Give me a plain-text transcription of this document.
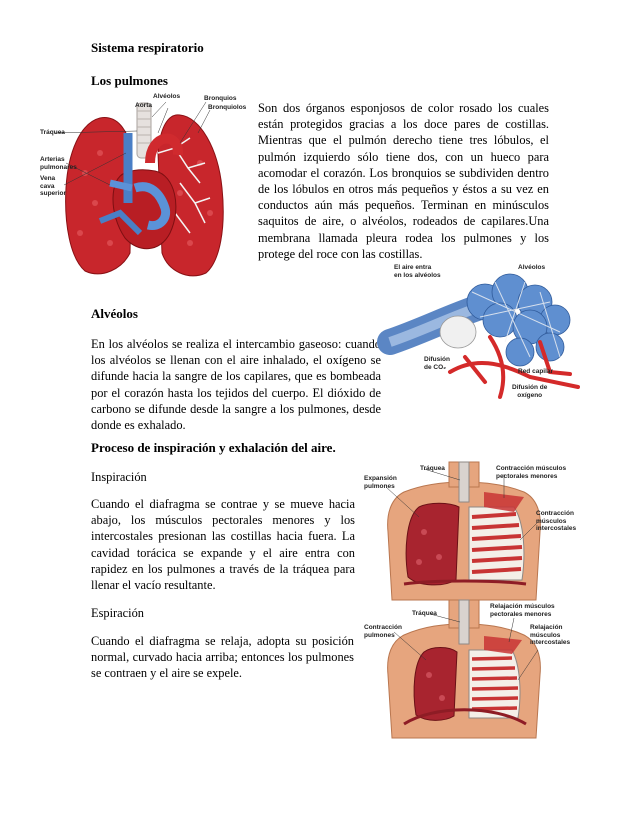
Sistema respiratorio
Los pulmones
Son dos órganos esponjosos de color rosado los cuales están protegidos gracias a los doce pares de costillas. Mientras que el pulmón derecho tiene tres lóbulos, el pulmón izquierdo sólo tiene dos, con un hueco para acomodar el corazón. Los bronquios se subdividen dentro de los lóbulos en otros más pequeños y éstos a su vez en conductos aún más pequeños. Terminan en minúsculos saquitos de aire, o alvéolos, rodeados de capilares.Una membrana llamada pleura rodea los pulmones y los protege del roce con las costillas.
Alvéolos
En los alvéolos se realiza el intercambio gaseoso: cuando los alvéolos se llenan con el aire inhalado, el oxígeno se difunde hacia la sangre de los capilares, que es bombeada por el corazón hasta los tejidos del cuerpo. El dióxido de carbono se difunde desde la sangre a los pulmones, desde donde es exhalado.
Proceso de inspiración y exhalación del aire.
Inspiración
Cuando el diafragma se contrae y se mueve hacia abajo, los músculos pectorales menores y los intercostales presionan las costillas hacia fuera. La cavidad torácica se expande y el aire entra con rapidez en los pulmones a través de la tráquea para llenar el vacío resultante.
Espiración
Cuando el diafragma se relaja, adopta su posición normal, curvado hacia arriba; entonces los pulmones se contraen y el aire se expele.
Alvéolos
Aorta
Bronquios
Bronquiolos
Tráquea
Arterias
pulmonares
Vena
cava
superior
El aire entra
en los alvéolos
Alvéolos
Difusión
de CO₂
Red capilar
Difusión de
oxígeno
Tráquea
Expansión
pulmones
Contracción músculos
pectorales menores
Contracción
músculos
intercostales
Tráquea
Contracción
pulmones
Relajación músculos
pectorales menores
Relajación
músculos
intercostales
